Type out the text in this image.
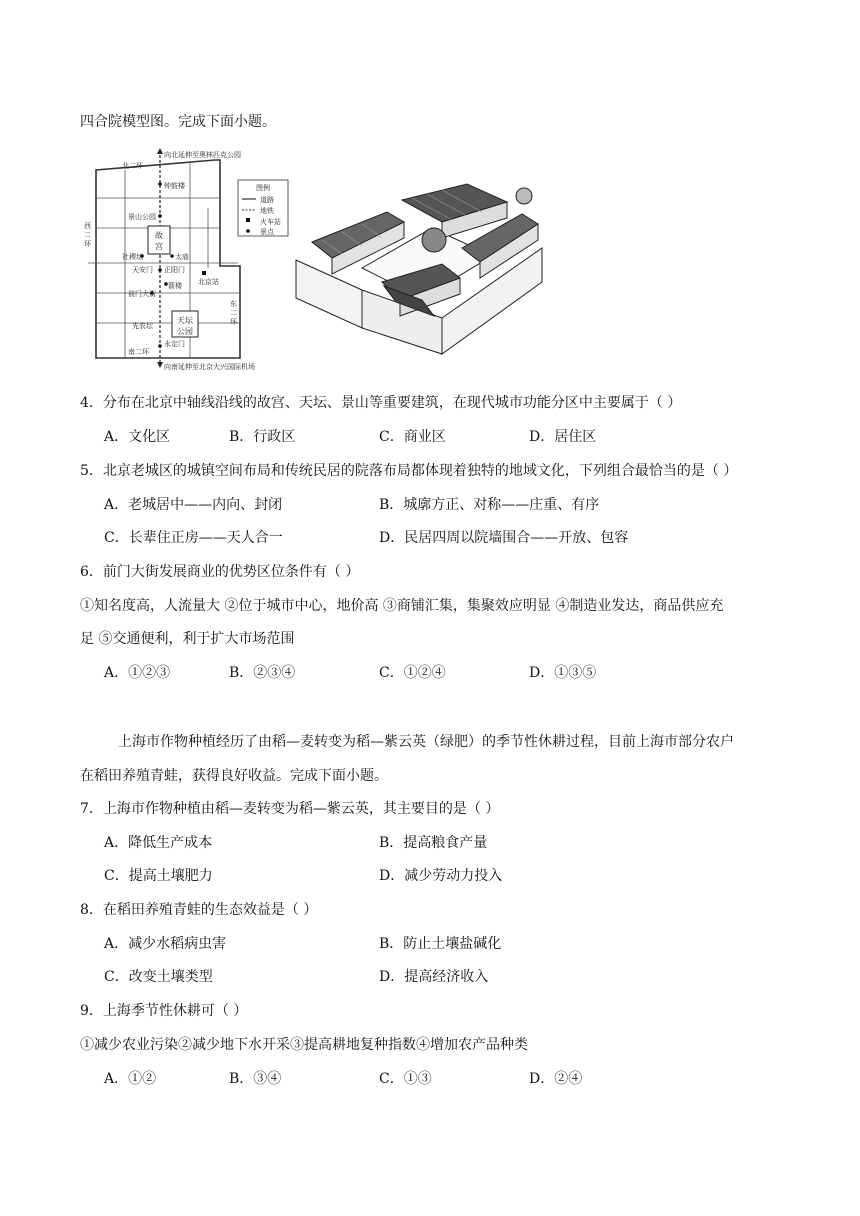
四合院模型图。完成下面小题。
向北延伸至奥林匹克公园
向南延伸至北京大兴国际机场
北二环
钟鼓楼
景山公园
故
宫
社稷坛	太庙
天安门 正阳门
箭楼
前门大街
北京站
天坛
公园
先农坛
永定门
南二环
西
二
环
东
二
环
图例
道路
地铁
火车站
景点
4．分布在北京中轴线沿线的故宫、天坛、景山等重要建筑，在现代城市功能分区中主要属于（ ）
A．文化区	B．行政区	C．商业区	D．居住区
5．北京老城区的城镇空间布局和传统民居的院落布局都体现着独特的地域文化，下列组合最恰当的是（ ）
A．老城居中——内向、封闭	B．城廓方正、对称——庄重、有序
C．长辈住正房——天人合一	D．民居四周以院墙围合——开放、包容
6．前门大街发展商业的优势区位条件有（ ）
①知名度高，人流量大 ②位于城市中心，地价高 ③商铺汇集，集聚效应明显 ④制造业发达，商品供应充
足 ⑤交通便利，利于扩大市场范围
A．①②③	B．②③④	C．①②④	D．①③⑤
上海市作物种植经历了由稻—麦转变为稻—紫云英（绿肥）的季节性休耕过程，目前上海市部分农户
在稻田养殖青蛙，获得良好收益。完成下面小题。
7．上海市作物种植由稻—麦转变为稻—紫云英，其主要目的是（ ）
A．降低生产成本	B．提高粮食产量
C．提高土壤肥力	D．减少劳动力投入
8．在稻田养殖青蛙的生态效益是（ ）
A．减少水稻病虫害	B．防止土壤盐碱化
C．改变土壤类型	D．提高经济收入
9．上海季节性休耕可（ ）
①减少农业污染②减少地下水开采③提高耕地复种指数④增加农产品种类
A．①②	B．③④	C．①③	D．②④
